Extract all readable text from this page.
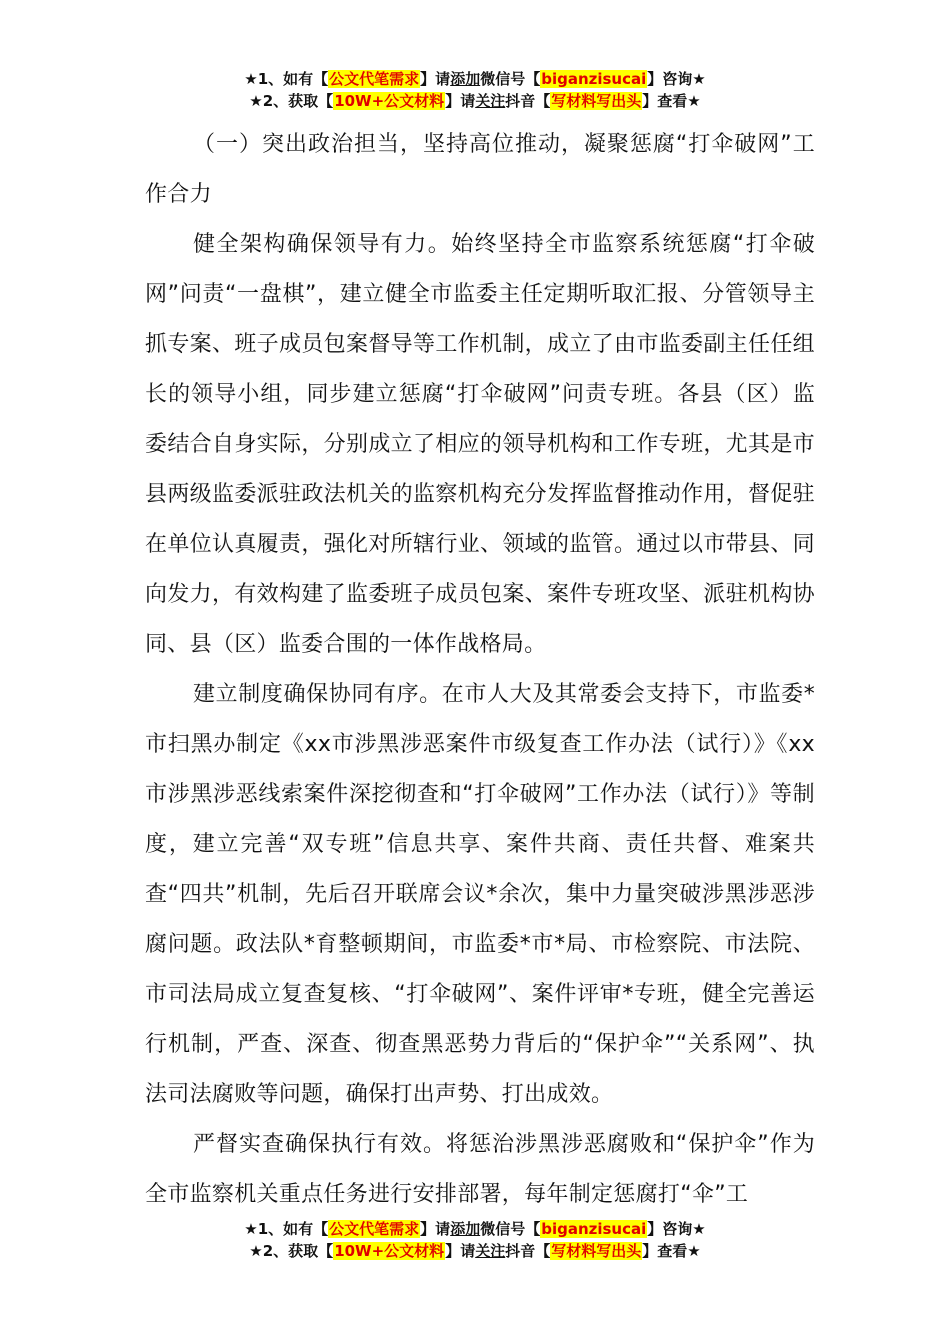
★1、如有【公文代笔需求】请添加微信号【biganzisucai】咨询★
★2、获取【10W+公文材料】请关注抖音【写材料写出头】查看★

（一）突出政治担当，坚持高位推动，凝聚惩腐“打伞破网”工作合力

健全架构确保领导有力。始终坚持全市监察系统惩腐“打伞破网”问责“一盘棋”，建立健全市监委主任定期听取汇报、分管领导主抓专案、班子成员包案督导等工作机制，成立了由市监委副主任任组长的领导小组，同步建立惩腐“打伞破网”问责专班。各县（区）监委结合自身实际，分别成立了相应的领导机构和工作专班，尤其是市县两级监委派驻政法机关的监察机构充分发挥监督推动作用，督促驻在单位认真履责，强化对所辖行业、领域的监管。通过以市带县、同向发力，有效构建了监委班子成员包案、案件专班攻坚、派驻机构协同、县（区）监委合围的一体作战格局。

建立制度确保协同有序。在市人大及其常委会支持下，市监委*市扫黑办制定《xx市涉黑涉恶案件市级复查工作办法（试行）》《xx市涉黑涉恶线索案件深挖彻查和“打伞破网”工作办法（试行）》等制度，建立完善“双专班”信息共享、案件共商、责任共督、难案共查“四共”机制，先后召开联席会议*余次，集中力量突破涉黑涉恶涉腐问题。政法队*育整顿期间，市监委*市*局、市检察院、市法院、市司法局成立复查复核、“打伞破网”、案件评审*专班，健全完善运行机制，严查、深查、彻查黑恶势力背后的“保护伞”“关系网”、执法司法腐败等问题，确保打出声势、打出成效。

严督实查确保执行有效。将惩治涉黑涉恶腐败和“保护伞”作为全市监察机关重点任务进行安排部署，每年制定惩腐打“伞”工

★1、如有【公文代笔需求】请添加微信号【biganzisucai】咨询★
★2、获取【10W+公文材料】请关注抖音【写材料写出头】查看★
